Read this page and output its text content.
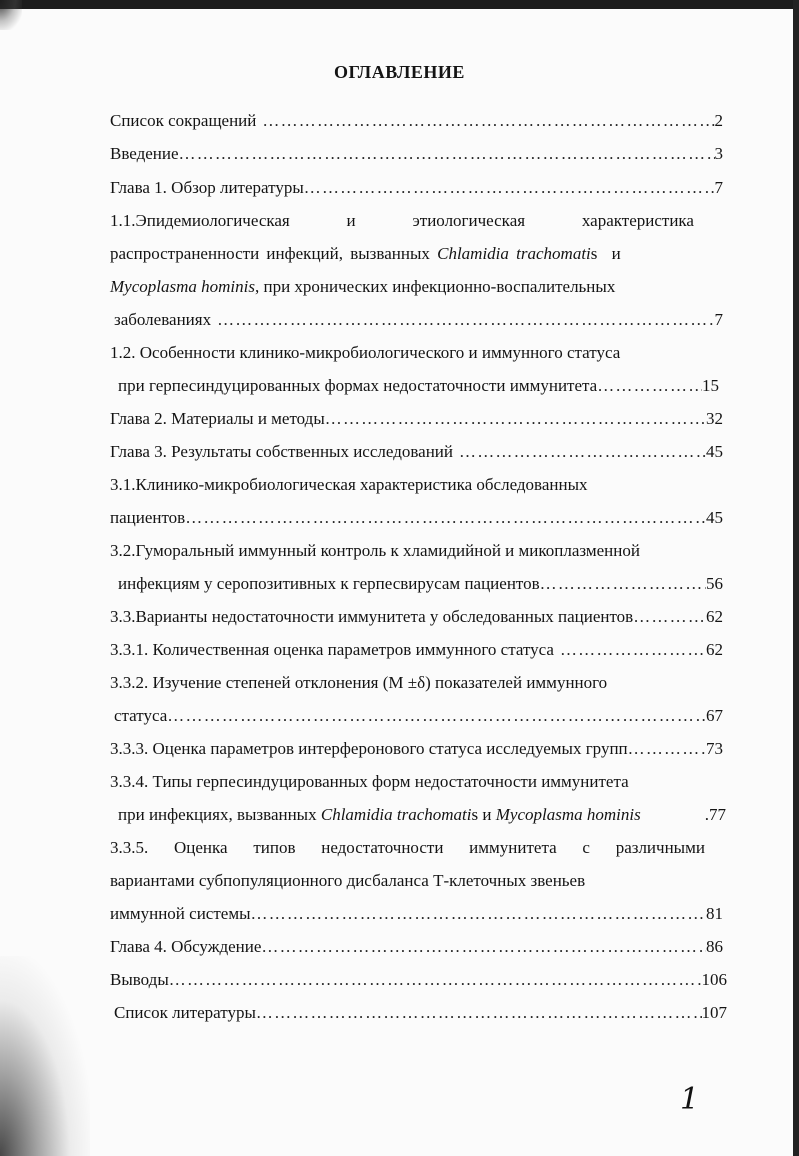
ОГЛАВЛЕНИЕ
Список сокращений ………………………………………………………………………………………………………………………………………	2
Введение ………………………………………………………………………………………………………………………………………	3
Глава 1. Обзор литературы ………………………………………………………………………………………………………………………………………	7
1.1.Эпидемиологическая	и	этиологическая	характеристика
распространенности инфекций, вызванных Chlamidia trachomatis и
Mycoplasma hominis, при хронических инфекционно-воспалительных
заболеваниях ………………………………………………………………………………………………………………………………………	7
1.2. Особенности клинико-микробиологического и иммунного статуса
при герпесиндуцированных формах недостаточности иммунитета ………………………………………………………………………………………………………………………………………	15
Глава 2. Материалы и методы ………………………………………………………………………………………………………………………………………	32
Глава 3. Результаты собственных исследований ………………………………………………………………………………………………………………………………………	45
3.1.Клинико-микробиологическая характеристика обследованных
пациентов ………………………………………………………………………………………………………………………………………	45
3.2.Гуморальный иммунный контроль к хламидийной и микоплазменной
инфекциям у серопозитивных к герпесвирусам пациентов ………………………………………………………………………………………………………………………………………	56
3.3.Варианты недостаточности иммунитета у обследованных пациентов ………………………………………………………………………………………………………………………………………	62
3.3.1. Количественная оценка параметров иммунного статуса ………………………………………………………………………………………………………………………………………	62
3.3.2. Изучение степеней отклонения (М ±δ) показателей иммунного
статуса ………………………………………………………………………………………………………………………………………	67
3.3.3. Оценка параметров интерферонового статуса исследуемых групп ………………………………………………………………………………………………………………………………………	73
3.3.4. Типы герпесиндуцированных форм недостаточности иммунитета
при инфекциях, вызванных Chlamidia trachomatis и Mycoplasma hominis	.77
3.3.5. Оценка типов недостаточности иммунитета с различными
вариантами субпопуляционного дисбаланса Т-клеточных звеньев
иммунной системы ………………………………………………………………………………………………………………………………………	81
Глава 4. Обсуждение ………………………………………………………………………………………………………………………………………	86
Выводы ………………………………………………………………………………………………………………………………………	106
Список литературы ………………………………………………………………………………………………………………………………………	107
1
